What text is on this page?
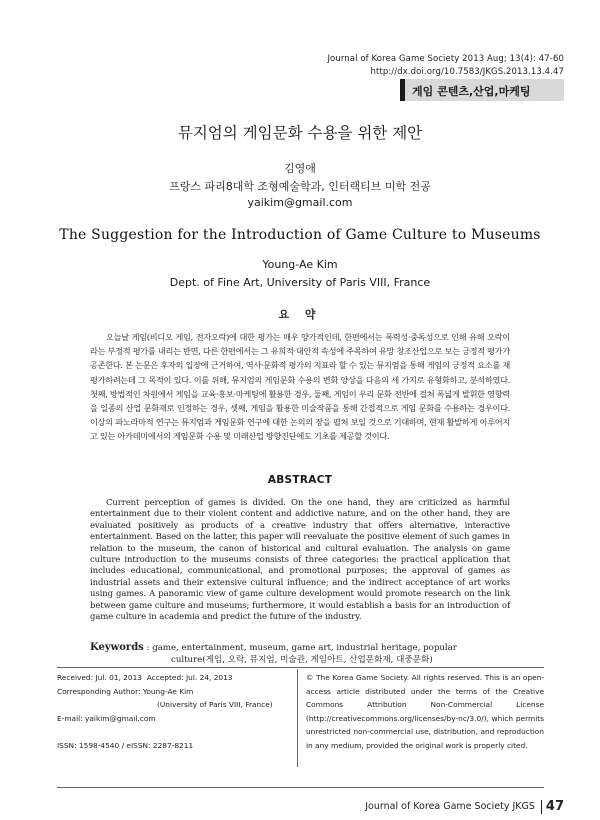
Journal of Korea Game Society 2013 Aug; 13(4): 47-60
http://dx.doi.org/10.7583/JKGS.2013.13.4.47
게임 콘텐츠,산업,마케팅
뮤지엄의 게임문화 수용을 위한 제안
김영애
프랑스 파리8대학 조형예술학과, 인터랙티브 미학 전공
yaikim@gmail.com
The Suggestion for the Introduction of Game Culture to Museums
Young-Ae Kim
Dept. of Fine Art, University of Paris VIII, France
요 약
오늘날 게임(비디오 게임, 전자오락)에 대한 평가는 매우 양가적인데, 한편에서는 폭력성·중독성으로 인해 유해 오락이라는 부정적 평가를 내리는 반면, 다른 한편에서는 그 유희적·대안적 속성에 주목하여 유망 창조산업으로 보는 긍정적 평가가 공존한다. 본 논문은 후자의 입장에 근거하여, 역사·문화적 평가의 지표라 할 수 있는 뮤지엄을 통해 게임의 긍정적 요소를 재평가하려는데 그 목적이 있다. 이를 위해, 뮤지엄의 게임문화 수용의 변화 양상을 다음의 세 가지로 유형화하고, 분석하였다. 첫째, 방법적인 차원에서 게임을 교육·홍보·마케팅에 활용한 경우, 둘째, 게임이 우리 문화 전반에 걸쳐 폭넓게 발휘한 영향력을 일종의 산업 문화재로 인정하는 경우, 셋째, 게임을 활용한 미술작품을 통해 간접적으로 게임 문화를 수용하는 경우이다. 이상의 파노라마적 연구는 뮤지엄과 게임문화 연구에 대한 논의의 장을 펼쳐 보일 것으로 기대하며, 현재 활발하게 이루어지고 있는 아카데미에서의 게임문화 수용 및 미래산업 방향진단에도 기초를 제공할 것이다.
ABSTRACT
Current perception of games is divided. On the one hand, they are criticized as harmful entertainment due to their violent content and addictive nature, and on the other hand, they are evaluated positively as products of a creative industry that offers alternative, interactive entertainment. Based on the latter, this paper will reevaluate the positive element of such games in relation to the museum, the canon of historical and cultural evaluation. The analysis on game culture introduction to the museums consists of three categories: the practical application that includes educational, communicational, and promotional purposes; the approval of games as industrial assets and their extensive cultural influence; and the indirect acceptance of art works using games. A panoramic view of game culture development would promote research on the link between game culture and museums; furthermore, it would establish a basis for an introduction of game culture in academia and predict the future of the industry.
Keywords : game, entertainment, museum, game art, industrial heritage, popular
culture(게임, 오락, 뮤지엄, 미술관, 게임아트, 산업문화재, 대중문화)
Received: Jul. 01, 2013
Accepted: Jul. 24, 2013
Corresponding Author: Young-Ae Kim
(University of Paris VIII, France)
E-mail: yaikim@gmail.com
ISSN: 1598-4540 / eISSN: 2287-8211
© The Korea Game Society. All rights reserved. This is an open-access article distributed under the terms of the Creative Commons Attribution Non-Commercial License (http://creativecommons.org/licenses/by-nc/3.0/), which permits unrestricted non-commercial use, distribution, and reproduction in any medium, provided the original work is properly cited.
Journal of Korea Game Society JKGS 47
